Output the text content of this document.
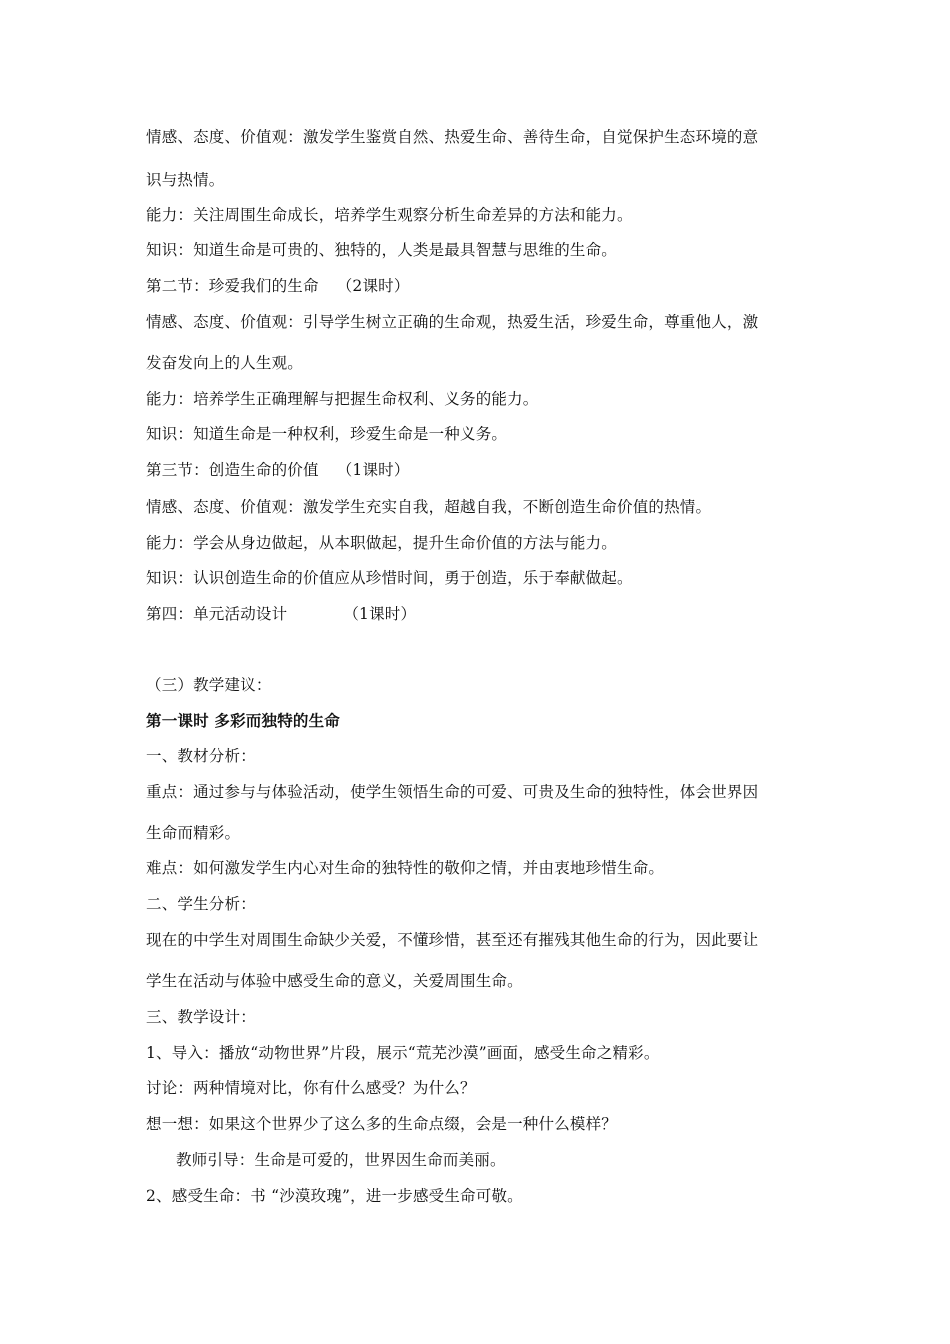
情感、态度、价值观：激发学生鉴赏自然、热爱生命、善待生命，自觉保护生态环境的意
识与热情。
能力：关注周围生命成长，培养学生观察分析生命差异的方法和能力。
知识：知道生命是可贵的、独特的，人类是最具智慧与思维的生命。
第二节：珍爱我们的生命 （2课时）
情感、态度、价值观：引导学生树立正确的生命观，热爱生活，珍爱生命，尊重他人，激
发奋发向上的人生观。
能力：培养学生正确理解与把握生命权利、义务的能力。
知识：知道生命是一种权利，珍爱生命是一种义务。
第三节：创造生命的价值 （1课时）
情感、态度、价值观：激发学生充实自我，超越自我，不断创造生命价值的热情。
能力：学会从身边做起，从本职做起，提升生命价值的方法与能力。
知识：认识创造生命的价值应从珍惜时间，勇于创造，乐于奉献做起。
第四：单元活动设计	（1课时）
（三）教学建议：
第一课时 多彩而独特的生命
一、教材分析：
重点：通过参与与体验活动，使学生领悟生命的可爱、可贵及生命的独特性，体会世界因
生命而精彩。
难点：如何激发学生内心对生命的独特性的敬仰之情，并由衷地珍惜生命。
二、学生分析：
现在的中学生对周围生命缺少关爱，不懂珍惜，甚至还有摧残其他生命的行为，因此要让
学生在活动与体验中感受生命的意义，关爱周围生命。
三、教学设计：
1、导入：播放“动物世界”片段，展示“荒芜沙漠”画面，感受生命之精彩。
讨论：两种情境对比，你有什么感受？为什么？
想一想：如果这个世界少了这么多的生命点缀，会是一种什么模样？
教师引导：生命是可爱的，世界因生命而美丽。
2、感受生命：书 “沙漠玫瑰”，进一步感受生命可敬。
